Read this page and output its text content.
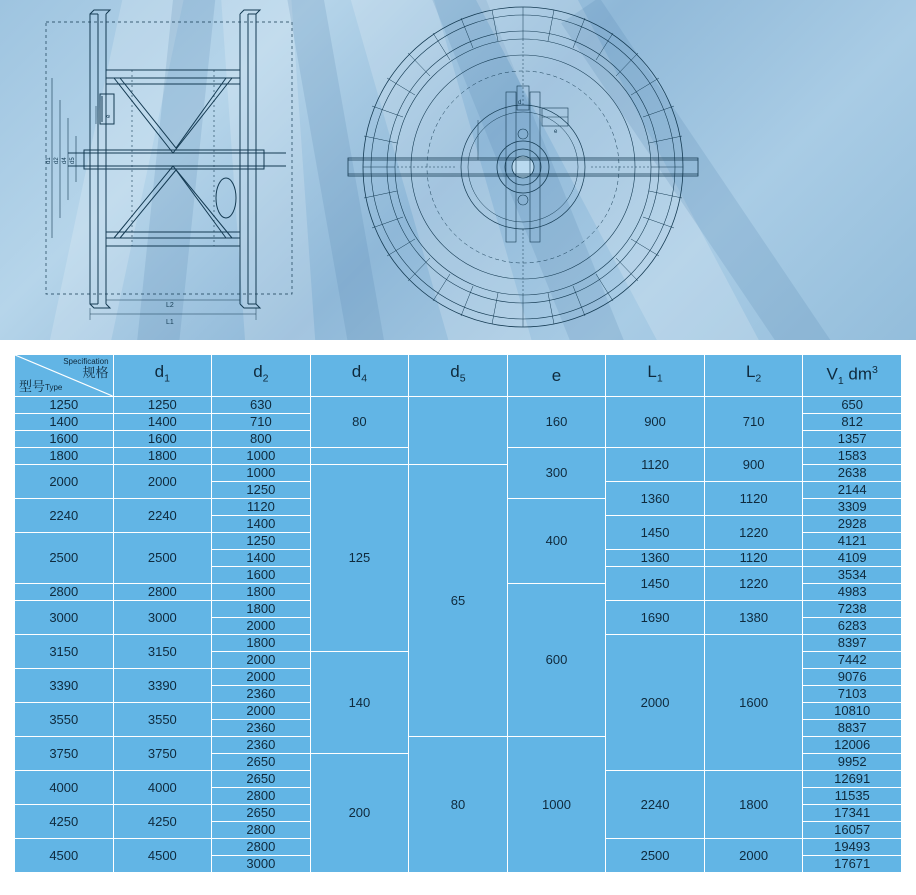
d1 d2 d4 d5
e
L2
L1
d
e
Specification
规格
型号 Type	$d_1$	$d_2$	$d_4$	$d_5$	e	$L_1$	$L_2$	$V_1$ $dm^3$
1250	1250	630	80		160	900	710	650
1400	1400	710						812
1600	1600	800						1357
1800	1800	1000			300	1120	900	1583
2000	2000	1000	125	65				2638
		1250				1360	1120	2144
2240	2240	1120			400			3309
		1400				1450	1220	2928
2500	2500	1250						4121
		1400				1360	1120	4109
		1600				1450	1220	3534
2800	2800	1800			600			4983
3000	3000	1800				1690	1380	7238
		2000						6283
3150	3150	1800				2000	1600	8397
		2000	140					7442
3390	3390	2000						9076
		2360						7103
3550	3550	2000						10810
		2360						8837
3750	3750	2360		80	1000			12006
		2650	200					9952
4000	4000	2650				2240	1800	12691
		2800						11535
4250	4250	2650						17341
		2800						16057
4500	4500	2800				2500	2000	19493
		3000						17671
